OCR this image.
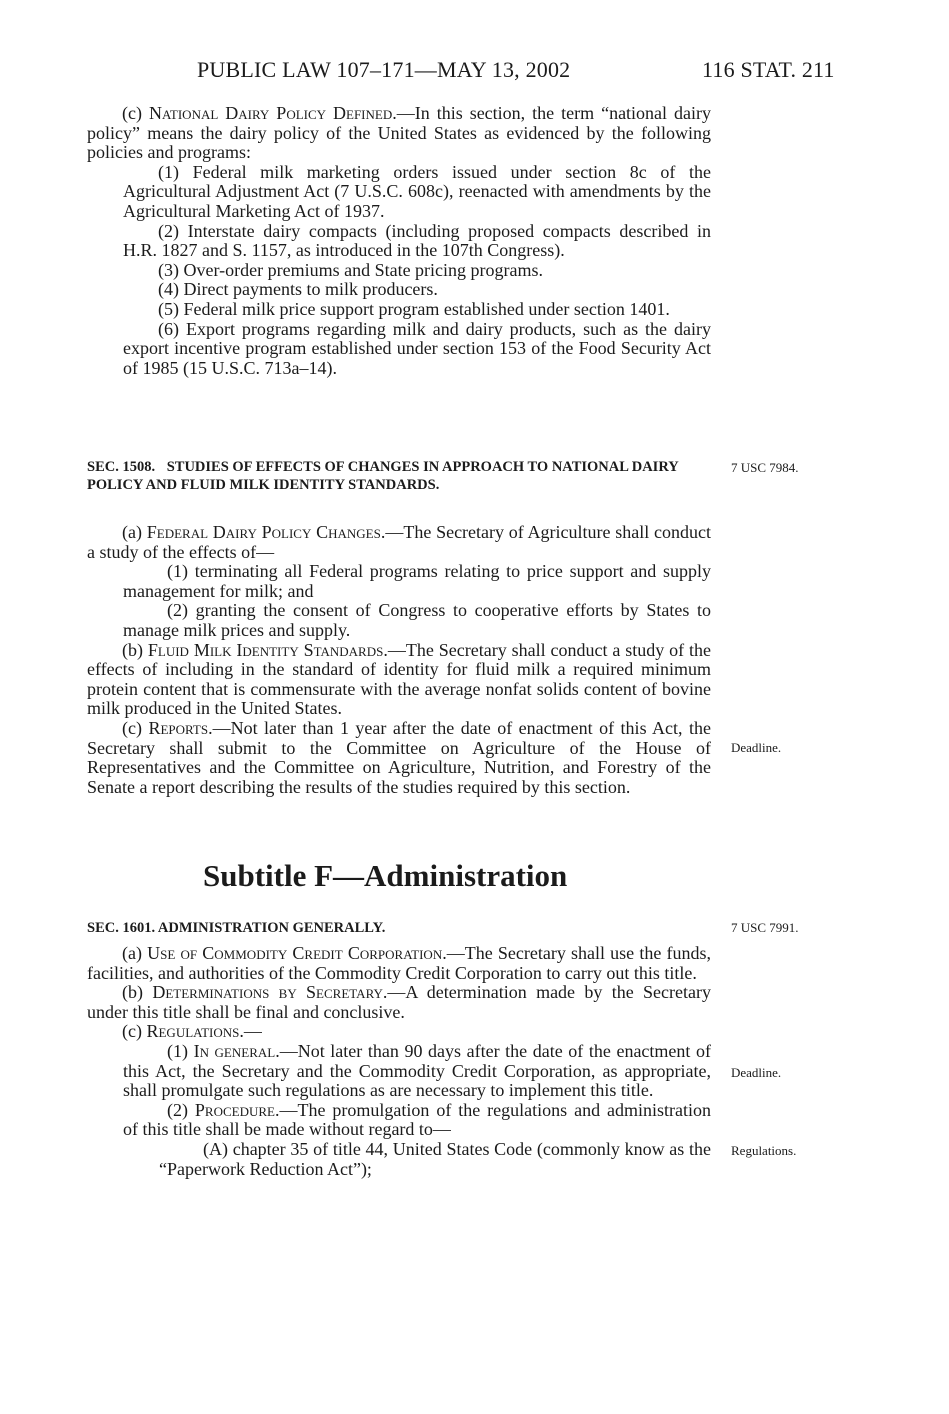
PUBLIC LAW 107–171—MAY 13, 2002	116 STAT. 211

(c) National Dairy Policy Defined.—In this section, the term “national dairy policy” means the dairy policy of the United States as evidenced by the following policies and programs:

(1) Federal milk marketing orders issued under section 8c of the Agricultural Adjustment Act (7 U.S.C. 608c), reenacted with amendments by the Agricultural Marketing Act of 1937.

(2) Interstate dairy compacts (including proposed compacts described in H.R. 1827 and S. 1157, as introduced in the 107th Congress).

(3) Over-order premiums and State pricing programs.

(4) Direct payments to milk producers.

(5) Federal milk price support program established under section 1401.

(6) Export programs regarding milk and dairy products, such as the dairy export incentive program established under section 153 of the Food Security Act of 1985 (15 U.S.C. 713a–14).

SEC. 1508. STUDIES OF EFFECTS OF CHANGES IN APPROACH TO NATIONAL DAIRY POLICY AND FLUID MILK IDENTITY STANDARDS.
7 USC 7984.

(a) Federal Dairy Policy Changes.—The Secretary of Agriculture shall conduct a study of the effects of—

(1) terminating all Federal programs relating to price support and supply management for milk; and

(2) granting the consent of Congress to cooperative efforts by States to manage milk prices and supply.

(b) Fluid Milk Identity Standards.—The Secretary shall conduct a study of the effects of including in the standard of identity for fluid milk a required minimum protein content that is commensurate with the average nonfat solids content of bovine milk produced in the United States.

(c) Reports.—Not later than 1 year after the date of enactment of this Act, the Secretary shall submit to the Committee on Agriculture of the House of Representatives and the Committee on Agriculture, Nutrition, and Forestry of the Senate a report describing the results of the studies required by this section.

Deadline.
Subtitle F—Administration
SEC. 1601. ADMINISTRATION GENERALLY.	7 USC 7991.

(a) Use of Commodity Credit Corporation.—The Secretary shall use the funds, facilities, and authorities of the Commodity Credit Corporation to carry out this title.

(b) Determinations by Secretary.—A determination made by the Secretary under this title shall be final and conclusive.

(c) Regulations.—

(1) In general.—Not later than 90 days after the date of the enactment of this Act, the Secretary and the Commodity Credit Corporation, as appropriate, shall promulgate such regulations as are necessary to implement this title.

(2) Procedure.—The promulgation of the regulations and administration of this title shall be made without regard to—

(A) chapter 35 of title 44, United States Code (commonly know as the “Paperwork Reduction Act”);

Deadline.
Regulations.
